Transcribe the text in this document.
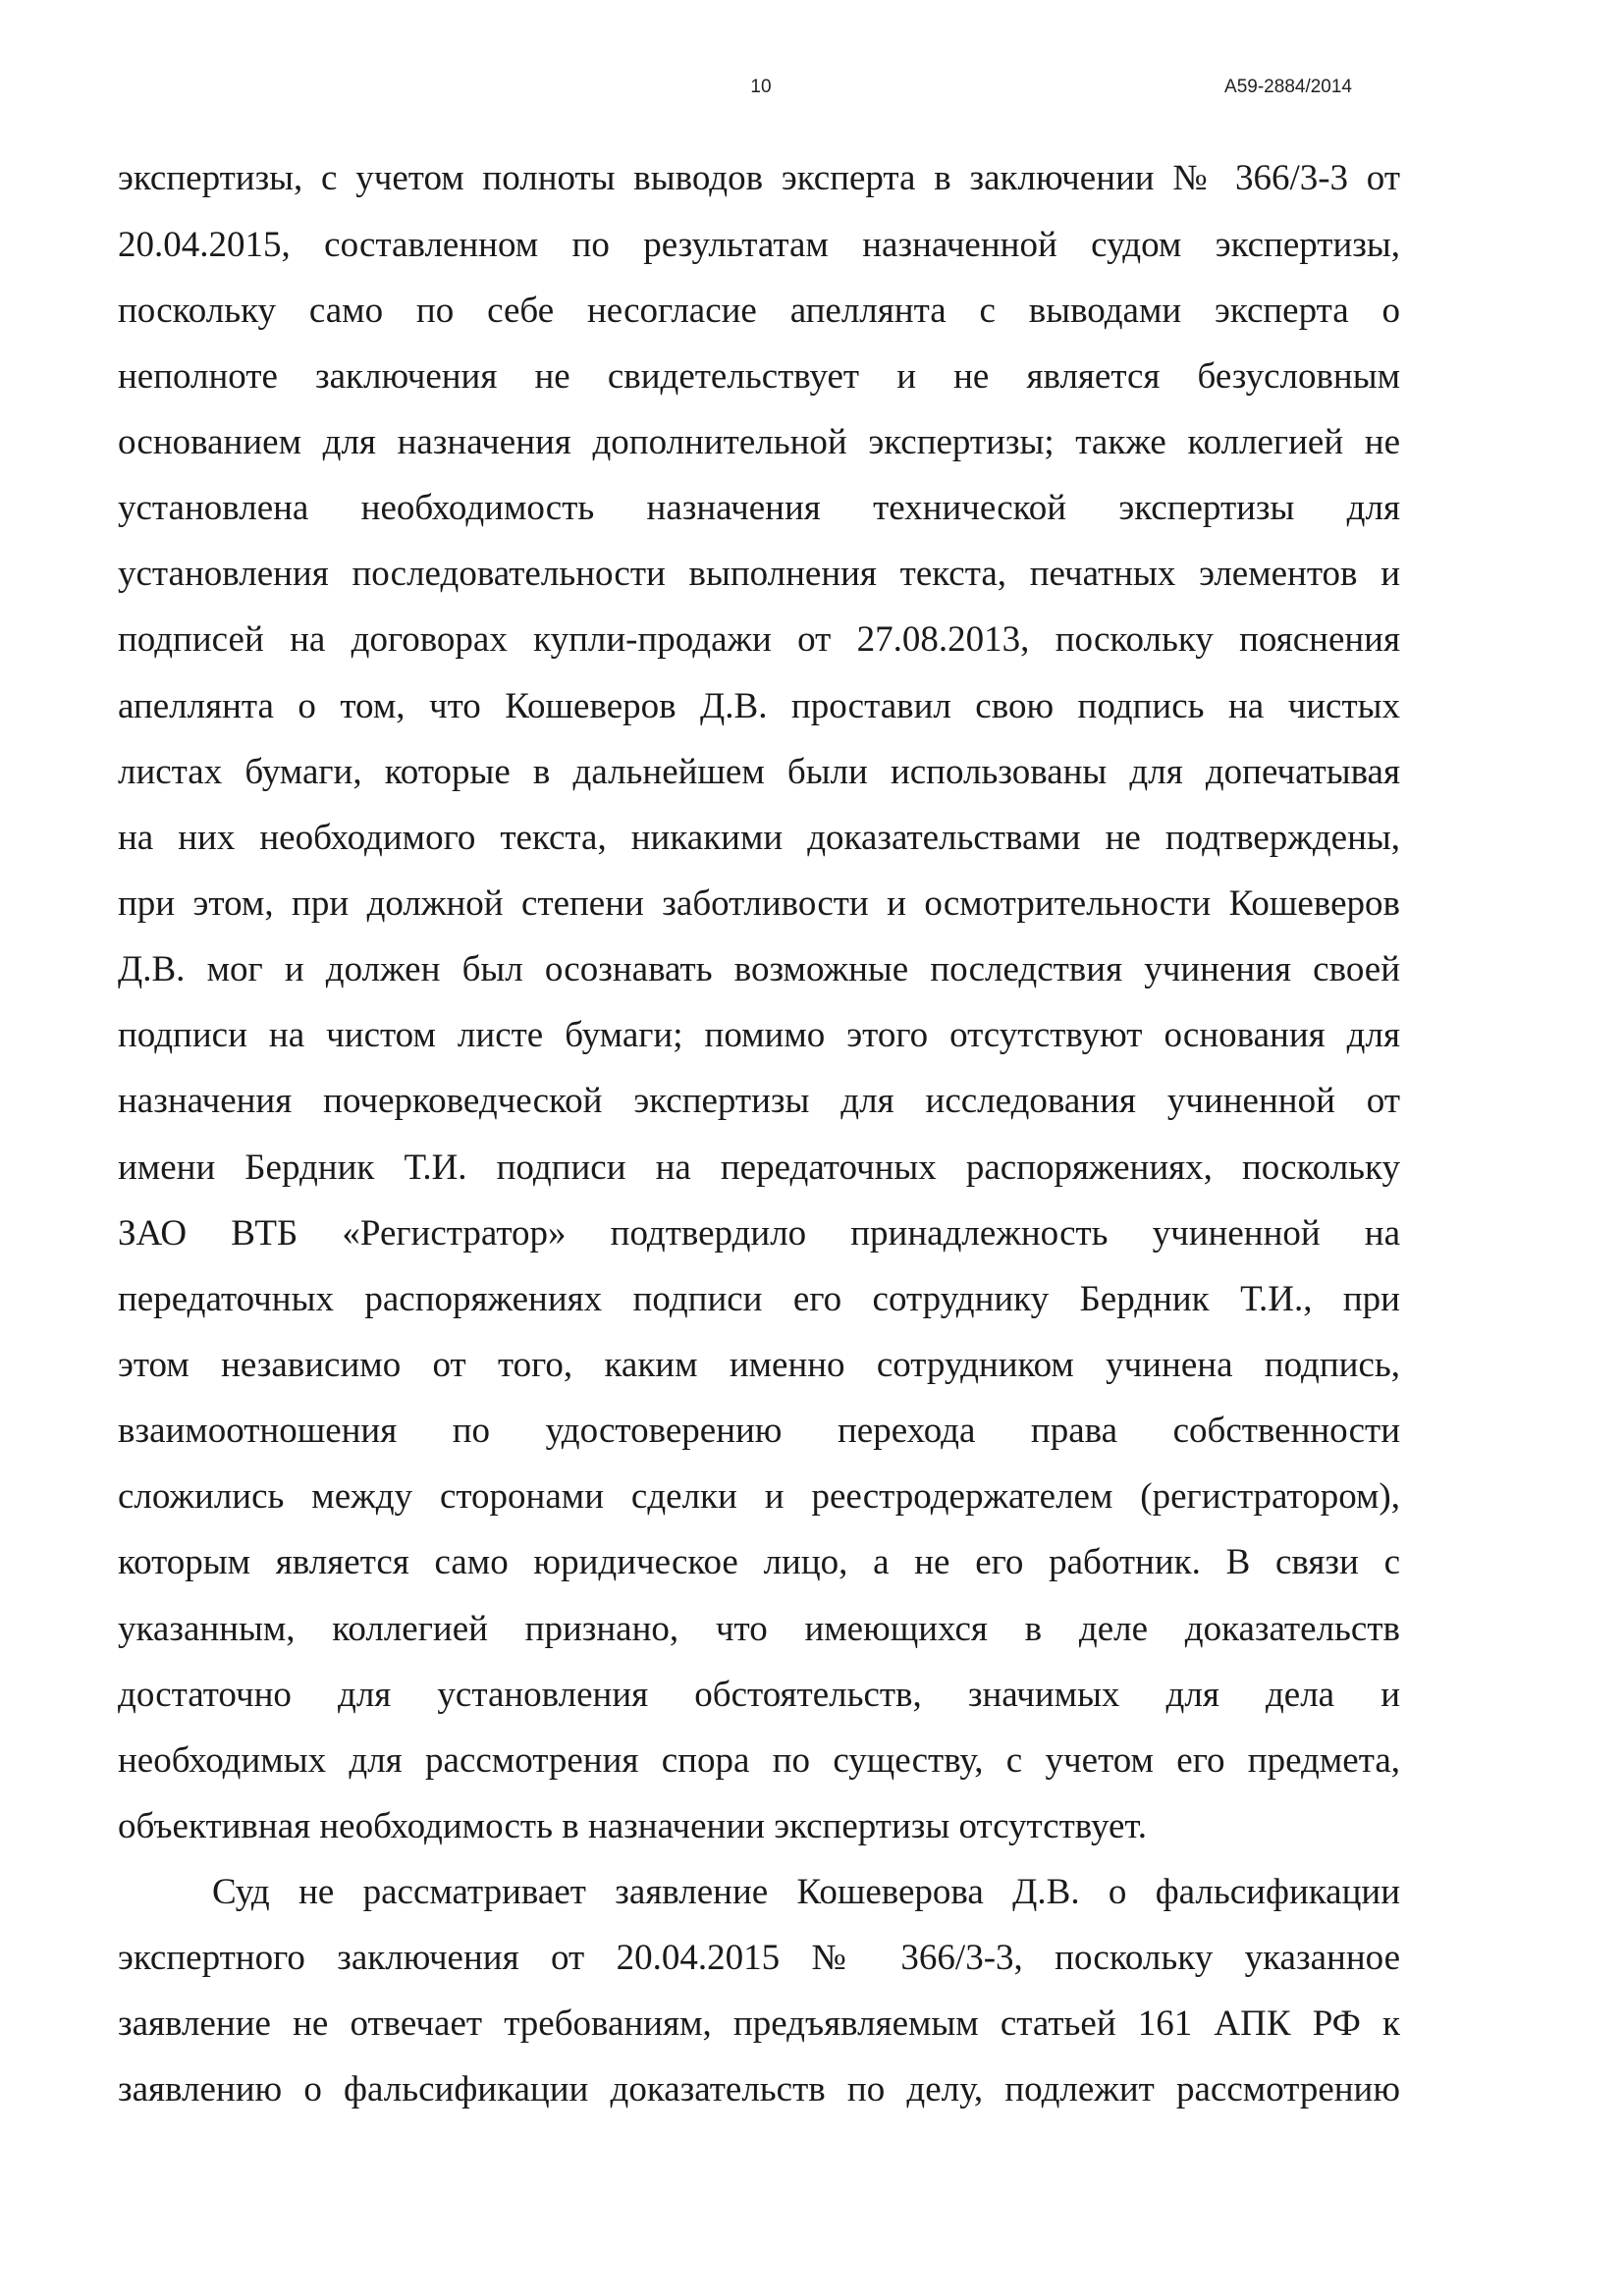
10	А59-2884/2014

экспертизы, с учетом полноты выводов эксперта в заключении № 366/3-3 от

20.04.2015, составленном по результатам назначенной судом экспертизы,

поскольку само по себе несогласие апеллянта с выводами эксперта о

неполноте заключения не свидетельствует и не является безусловным

основанием для назначения дополнительной экспертизы; также коллегией не

установлена необходимость назначения технической экспертизы для

установления последовательности выполнения текста, печатных элементов и

подписей на договорах купли-продажи от 27.08.2013, поскольку пояснения

апеллянта о том, что Кошеверов Д.В. проставил свою подпись на чистых

листах бумаги, которые в дальнейшем были использованы для допечатывая

на них необходимого текста, никакими доказательствами не подтверждены,

при этом, при должной степени заботливости и осмотрительности Кошеверов

Д.В. мог и должен был осознавать возможные последствия учинения своей

подписи на чистом листе бумаги; помимо этого отсутствуют основания для

назначения почерковедческой экспертизы для исследования учиненной от

имени Бердник Т.И. подписи на передаточных распоряжениях, поскольку

ЗАО ВТБ «Регистратор» подтвердило принадлежность учиненной на

передаточных распоряжениях подписи его сотруднику Бердник Т.И., при

этом независимо от того, каким именно сотрудником учинена подпись,

взаимоотношения по удостоверению перехода права собственности

сложились между сторонами сделки и реестродержателем (регистратором),

которым является само юридическое лицо, а не его работник. В связи с

указанным, коллегией признано, что имеющихся в деле доказательств

достаточно для установления обстоятельств, значимых для дела и

необходимых для рассмотрения спора по существу, с учетом его предмета,

объективная необходимость в назначении экспертизы отсутствует.

Суд не рассматривает заявление Кошеверова Д.В. о фальсификации

экспертного заключения от 20.04.2015 № 366/3-3, поскольку указанное

заявление не отвечает требованиям, предъявляемым статьей 161 АПК РФ к

заявлению о фальсификации доказательств по делу, подлежит рассмотрению
